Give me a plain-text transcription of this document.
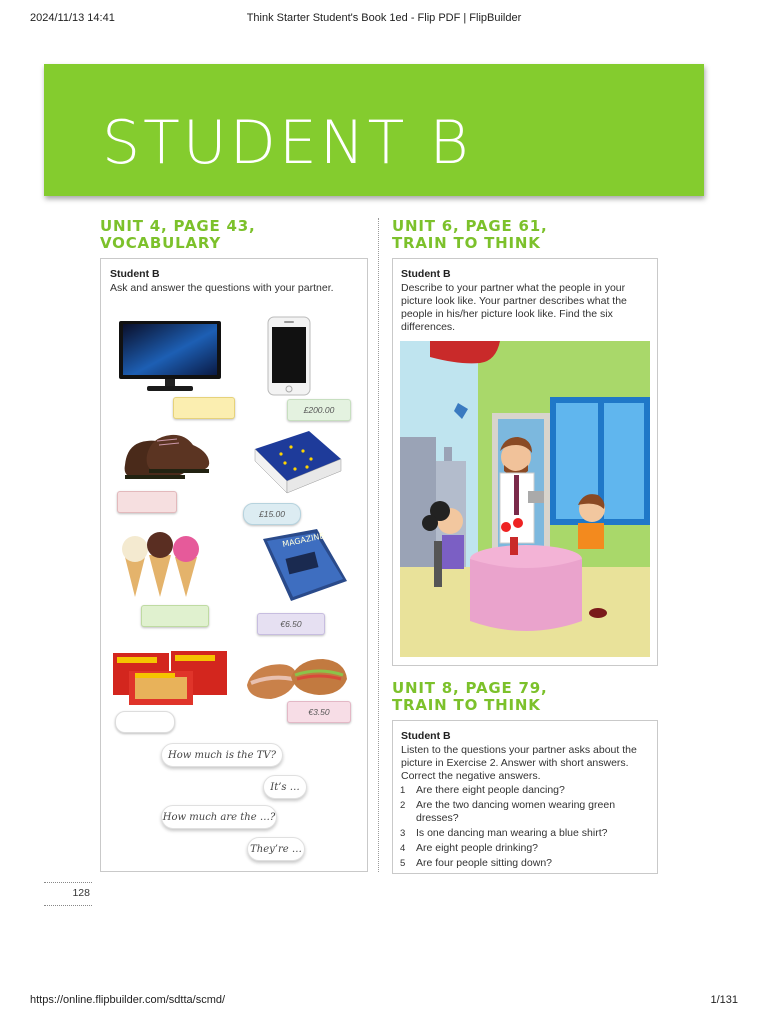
2024/11/13 14:41	Think Starter Student's Book 1ed - Flip PDF | FlipBuilder
https://online.flipbuilder.com/sdtta/scmd/	1/131
STUDENT B
UNIT 4, PAGE 43,
VOCABULARY
UNIT 6, PAGE 61,
TRAIN TO THINK
Student B
Ask and answer the questions with your partner.
£200.00
£15.00
MAGAZINE
€6.50
€3.50
How much is the TV?
It’s …
How much are the …?
They’re …
Student B
Describe to your partner what the people in your picture look like. Your partner describes what the people in his/her picture look like. Find the six differences.
UNIT 8, PAGE 79,
TRAIN TO THINK
Student B
Listen to the questions your partner asks about the picture in Exercise 2. Answer with short answers. Correct the negative answers.
1	Are there eight people dancing?
2	Are the two dancing women wearing green dresses?
3	Is one dancing man wearing a blue shirt?
4	Are eight people drinking?
5	Are four people sitting down?
128
